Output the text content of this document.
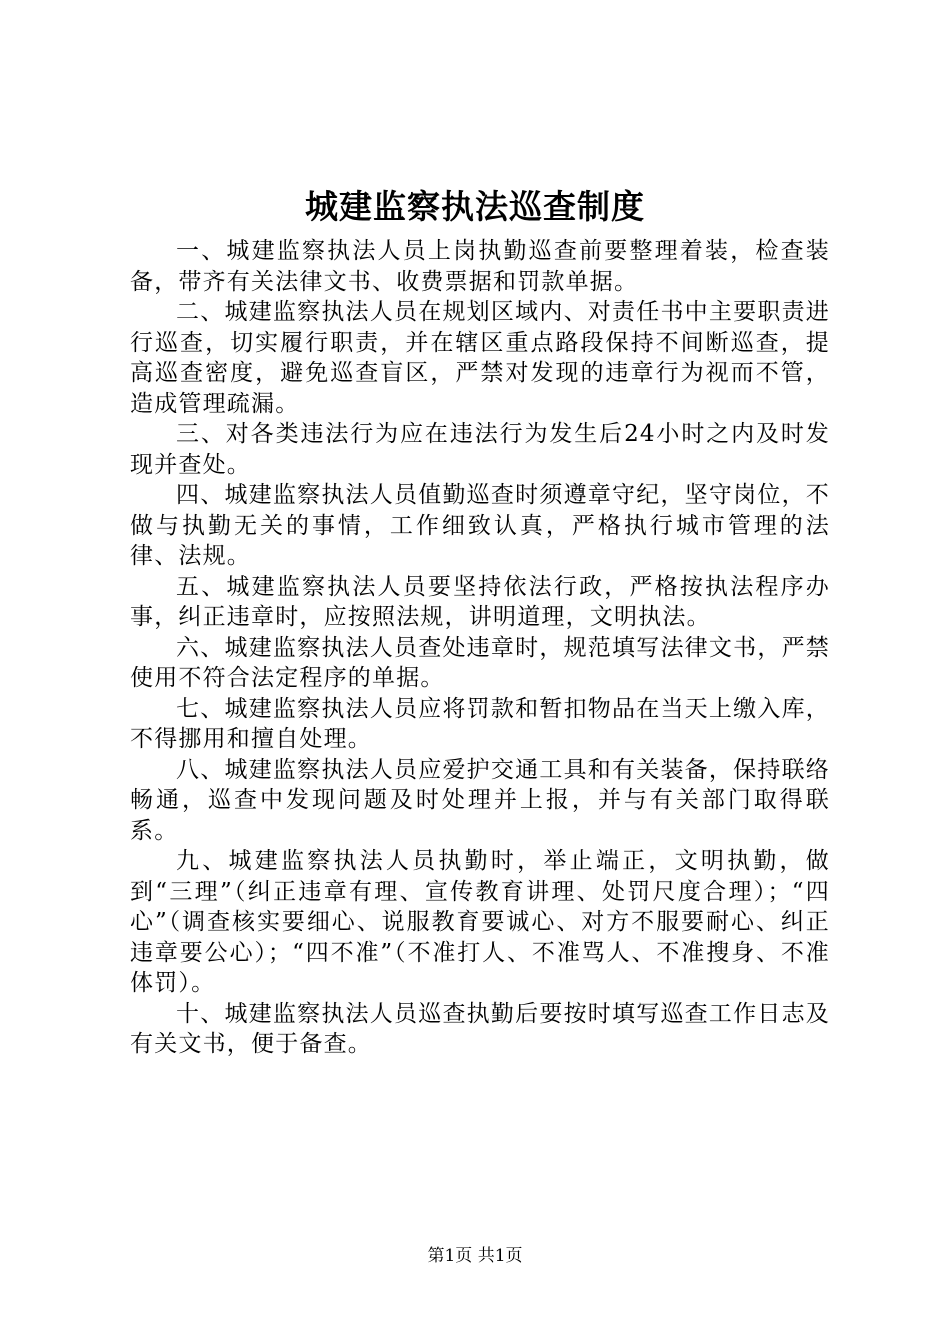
城建监察执法巡查制度

一、城建监察执法人员上岗执勤巡查前要整理着装，检查装备，带齐有关法律文书、收费票据和罚款单据。

二、城建监察执法人员在规划区域内、对责任书中主要职责进行巡查，切实履行职责，并在辖区重点路段保持不间断巡查，提高巡查密度，避免巡查盲区，严禁对发现的违章行为视而不管，造成管理疏漏。

三、对各类违法行为应在违法行为发生后24小时之内及时发现并查处。

四、城建监察执法人员值勤巡查时须遵章守纪，坚守岗位，不做与执勤无关的事情，工作细致认真，严格执行城市管理的法律、法规。

五、城建监察执法人员要坚持依法行政，严格按执法程序办事，纠正违章时，应按照法规，讲明道理，文明执法。

六、城建监察执法人员查处违章时，规范填写法律文书，严禁使用不符合法定程序的单据。

七、城建监察执法人员应将罚款和暂扣物品在当天上缴入库，不得挪用和擅自处理。

八、城建监察执法人员应爱护交通工具和有关装备，保持联络畅通，巡查中发现问题及时处理并上报，并与有关部门取得联系。

九、城建监察执法人员执勤时，举止端正，文明执勤，做到“三理”（纠正违章有理、宣传教育讲理、处罚尺度合理）；“四心”（调查核实要细心、说服教育要诚心、对方不服要耐心、纠正违章要公心）；“四不准”（不准打人、不准骂人、不准搜身、不准体罚）。

十、城建监察执法人员巡查执勤后要按时填写巡查工作日志及有关文书，便于备查。

第1页 共1页
